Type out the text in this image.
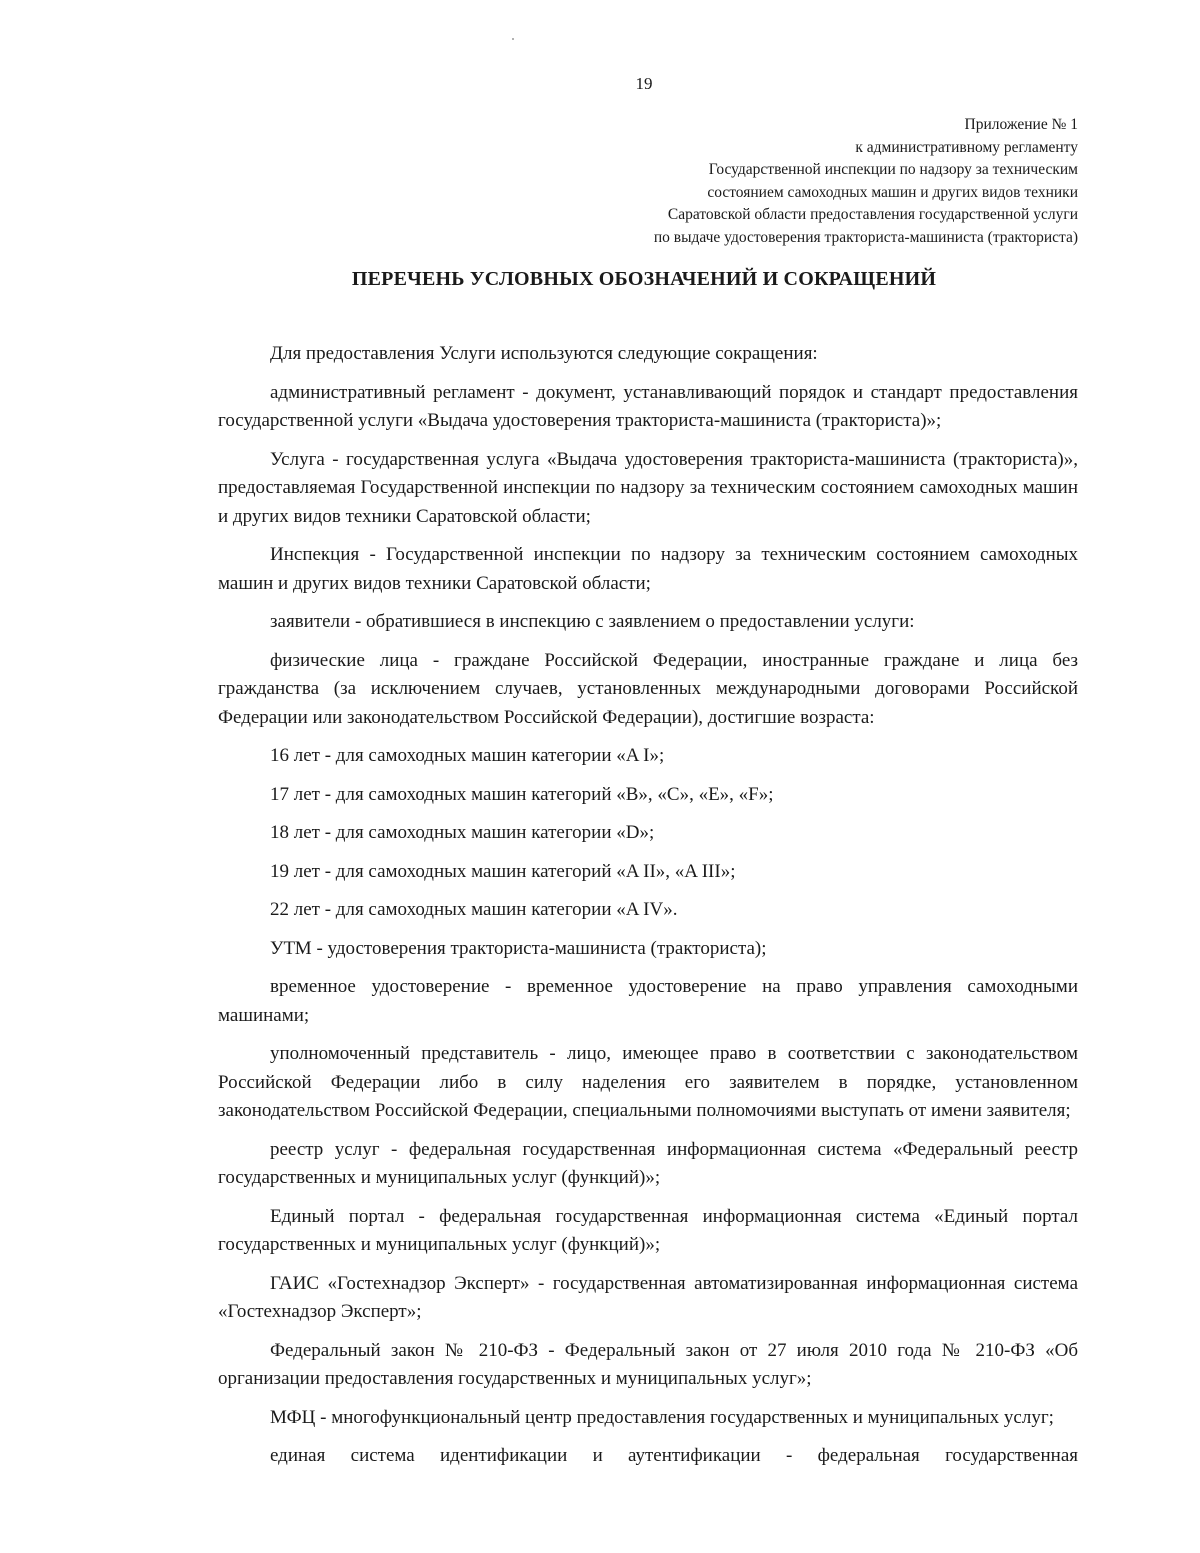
19
Приложение № 1
к административному регламенту
Государственной инспекции по надзору за техническим
состоянием самоходных машин и других видов техники
Саратовской области предоставления государственной услуги
по выдаче удостоверения тракториста-машиниста (тракториста)
ПЕРЕЧЕНЬ УСЛОВНЫХ ОБОЗНАЧЕНИЙ И СОКРАЩЕНИЙ

Для предоставления Услуги используются следующие сокращения:

административный регламент - документ, устанавливающий порядок и стандарт предоставления государственной услуги «Выдача удостоверения тракториста-машиниста (тракториста)»;

Услуга - государственная услуга «Выдача удостоверения тракториста-машиниста (тракториста)», предоставляемая Государственной инспекции по надзору за техническим состоянием самоходных машин и других видов техники Саратовской области;

Инспекция - Государственной инспекции по надзору за техническим состоянием самоходных машин и других видов техники Саратовской области;

заявители - обратившиеся в инспекцию с заявлением о предоставлении услуги:

физические лица - граждане Российской Федерации, иностранные граждане и лица без гражданства (за исключением случаев, установленных международными договорами Российской Федерации или законодательством Российской Федерации), достигшие возраста:

16 лет - для самоходных машин категории «A I»;

17 лет - для самоходных машин категорий «B», «C», «E», «F»;

18 лет - для самоходных машин категории «D»;

19 лет - для самоходных машин категорий «A II», «A III»;

22 лет - для самоходных машин категории «A IV».

УТМ - удостоверения тракториста-машиниста (тракториста);

временное удостоверение - временное удостоверение на право управления самоходными машинами;

уполномоченный представитель - лицо, имеющее право в соответствии с законодательством Российской Федерации либо в силу наделения его заявителем в порядке, установленном законодательством Российской Федерации, специальными полномочиями выступать от имени заявителя;

реестр услуг - федеральная государственная информационная система «Федеральный реестр государственных и муниципальных услуг (функций)»;

Единый портал - федеральная государственная информационная система «Единый портал государственных и муниципальных услуг (функций)»;

ГАИС «Гостехнадзор Эксперт» - государственная автоматизированная информационная система «Гостехнадзор Эксперт»;

Федеральный закон № 210-ФЗ - Федеральный закон от 27 июля 2010 года № 210-ФЗ «Об организации предоставления государственных и муниципальных услуг»;

МФЦ - многофункциональный центр предоставления государственных и муниципальных услуг;

единая система идентификации и аутентификации - федеральная государственная
